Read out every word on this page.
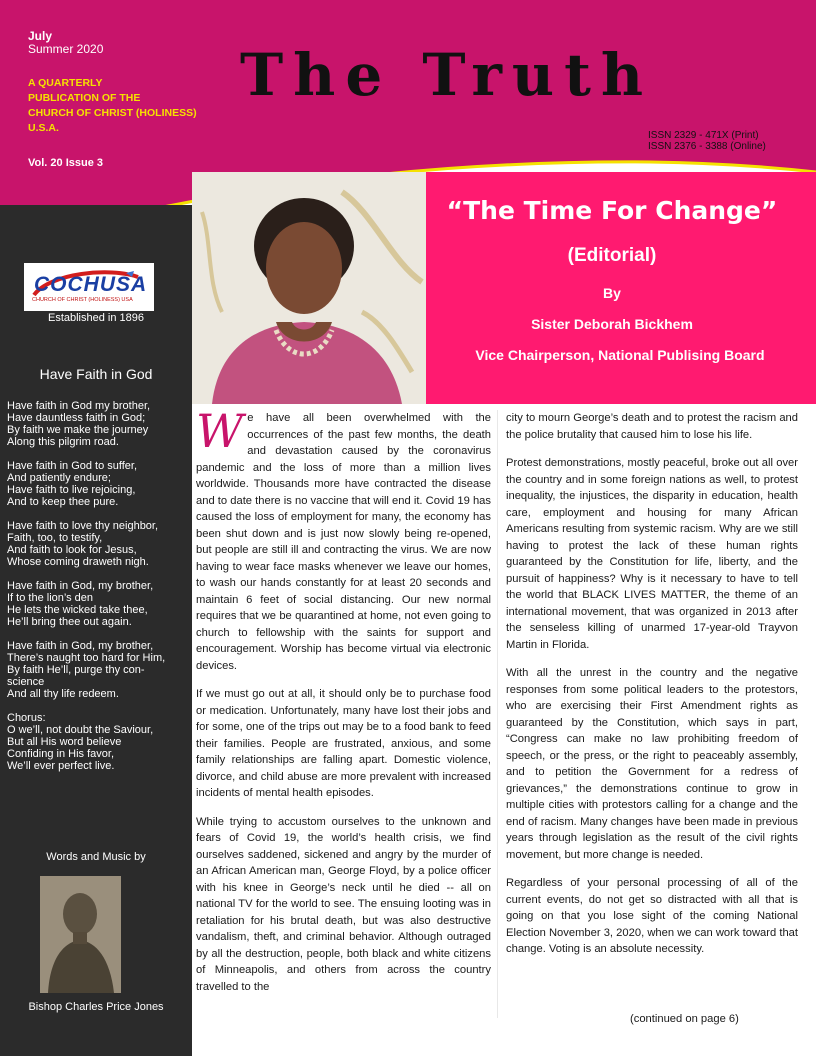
July
Summer 2020
A QUARTERLY
PUBLICATION OF THE
CHURCH OF CHRIST (HOLINESS)
U.S.A.
Vol. 20 Issue 3
The Truth
ISSN 2329 - 471X (Print)
ISSN 2376 - 3388 (Online)
COCHUSA
CHURCH OF CHRIST (HOLINESS) USA
Established in 1896
Have Faith in God
Have faith in God my brother,
Have dauntless faith in God;
By faith we make the journey
Along this pilgrim road.
Have faith in God to suffer,
And patiently endure;
Have faith to live rejoicing,
And to keep thee pure.
Have faith to love thy neighbor,
Faith, too, to testify,
And faith to look for Jesus,
Whose coming draweth nigh.
Have faith in God, my brother,
If to the lion’s den
He lets the wicked take thee,
He’ll bring thee out again.
Have faith in God, my brother,
There’s naught too hard for Him,
By faith He’ll, purge thy con-
science
And all thy life redeem.
Chorus:
O we’ll, not doubt the Saviour,
But all His word believe
Confiding in His favor,
We’ll ever perfect live.
Words and Music by
Bishop Charles Price Jones
“The Time For Change”
(Editorial)
By
Sister Deborah Bickhem
Vice Chairperson, National Publising Board

We have all been overwhelmed with the occurrences of the past few months, the death and devastation caused by the coronavirus pandemic and the loss of more than a million lives worldwide. Thousands more have contracted the disease and to date there is no vaccine that will end it. Covid 19 has caused the loss of employment for many, the economy has been shut down and is just now slowly being re-opened, but people are still ill and contracting the virus. We are now having to wear face masks whenever we leave our homes, to wash our hands constantly for at least 20 seconds and maintain 6 feet of social distancing. Our new normal requires that we be quarantined at home, not even going to church to fellowship with the saints for support and encouragement. Worship has become virtual via electronic devices.

If we must go out at all, it should only be to purchase food or medication. Unfortunately, many have lost their jobs and for some, one of the trips out may be to a food bank to feed their families. People are frustrated, anxious, and some family relationships are falling apart. Domestic violence, divorce, and child abuse are more prevalent with increased incidents of mental health episodes.

While trying to accustom ourselves to the unknown and fears of Covid 19, the world’s health crisis, we find ourselves saddened, sickened and angry by the murder of an African American man, George Floyd, by a police officer with his knee in George’s neck until he died -- all on national TV for the world to see. The ensuing looting was in retaliation for his brutal death, but was also destructive vandalism, theft, and criminal behavior. Although outraged by all the destruction, people, both black and white citizens of Minneapolis, and others from across the country travelled to the

city to mourn George’s death and to protest the racism and the police brutality that caused him to lose his life.

Protest demonstrations, mostly peaceful, broke out all over the country and in some foreign nations as well, to protest inequality, the injustices, the disparity in education, health care, employment and housing for many African Americans resulting from systemic racism. Why are we still having to protest the lack of these human rights guaranteed by the Constitution for life, liberty, and the pursuit of happiness? Why is it necessary to have to tell the world that BLACK LIVES MATTER, the theme of an international movement, that was organized in 2013 after the senseless killing of unarmed 17-year-old Trayvon Martin in Florida.

With all the unrest in the country and the negative responses from some political leaders to the protestors, who are exercising their First Amendment rights as guaranteed by the Constitution, which says in part, “Congress can make no law prohibiting freedom of speech, or the press, or the right to peaceably assembly, and to petition the Government for a redress of grievances,” the demonstrations continue to grow in multiple cities with protestors calling for a change and the end of racism. Many changes have been made in previous years through legislation as the result of the civil rights movement, but more change is needed.

Regardless of your personal processing of all of the current events, do not get so distracted with all that is going on that you lose sight of the coming National Election November 3, 2020, when we can work toward that change. Voting is an absolute necessity.

(continued on page 6)
